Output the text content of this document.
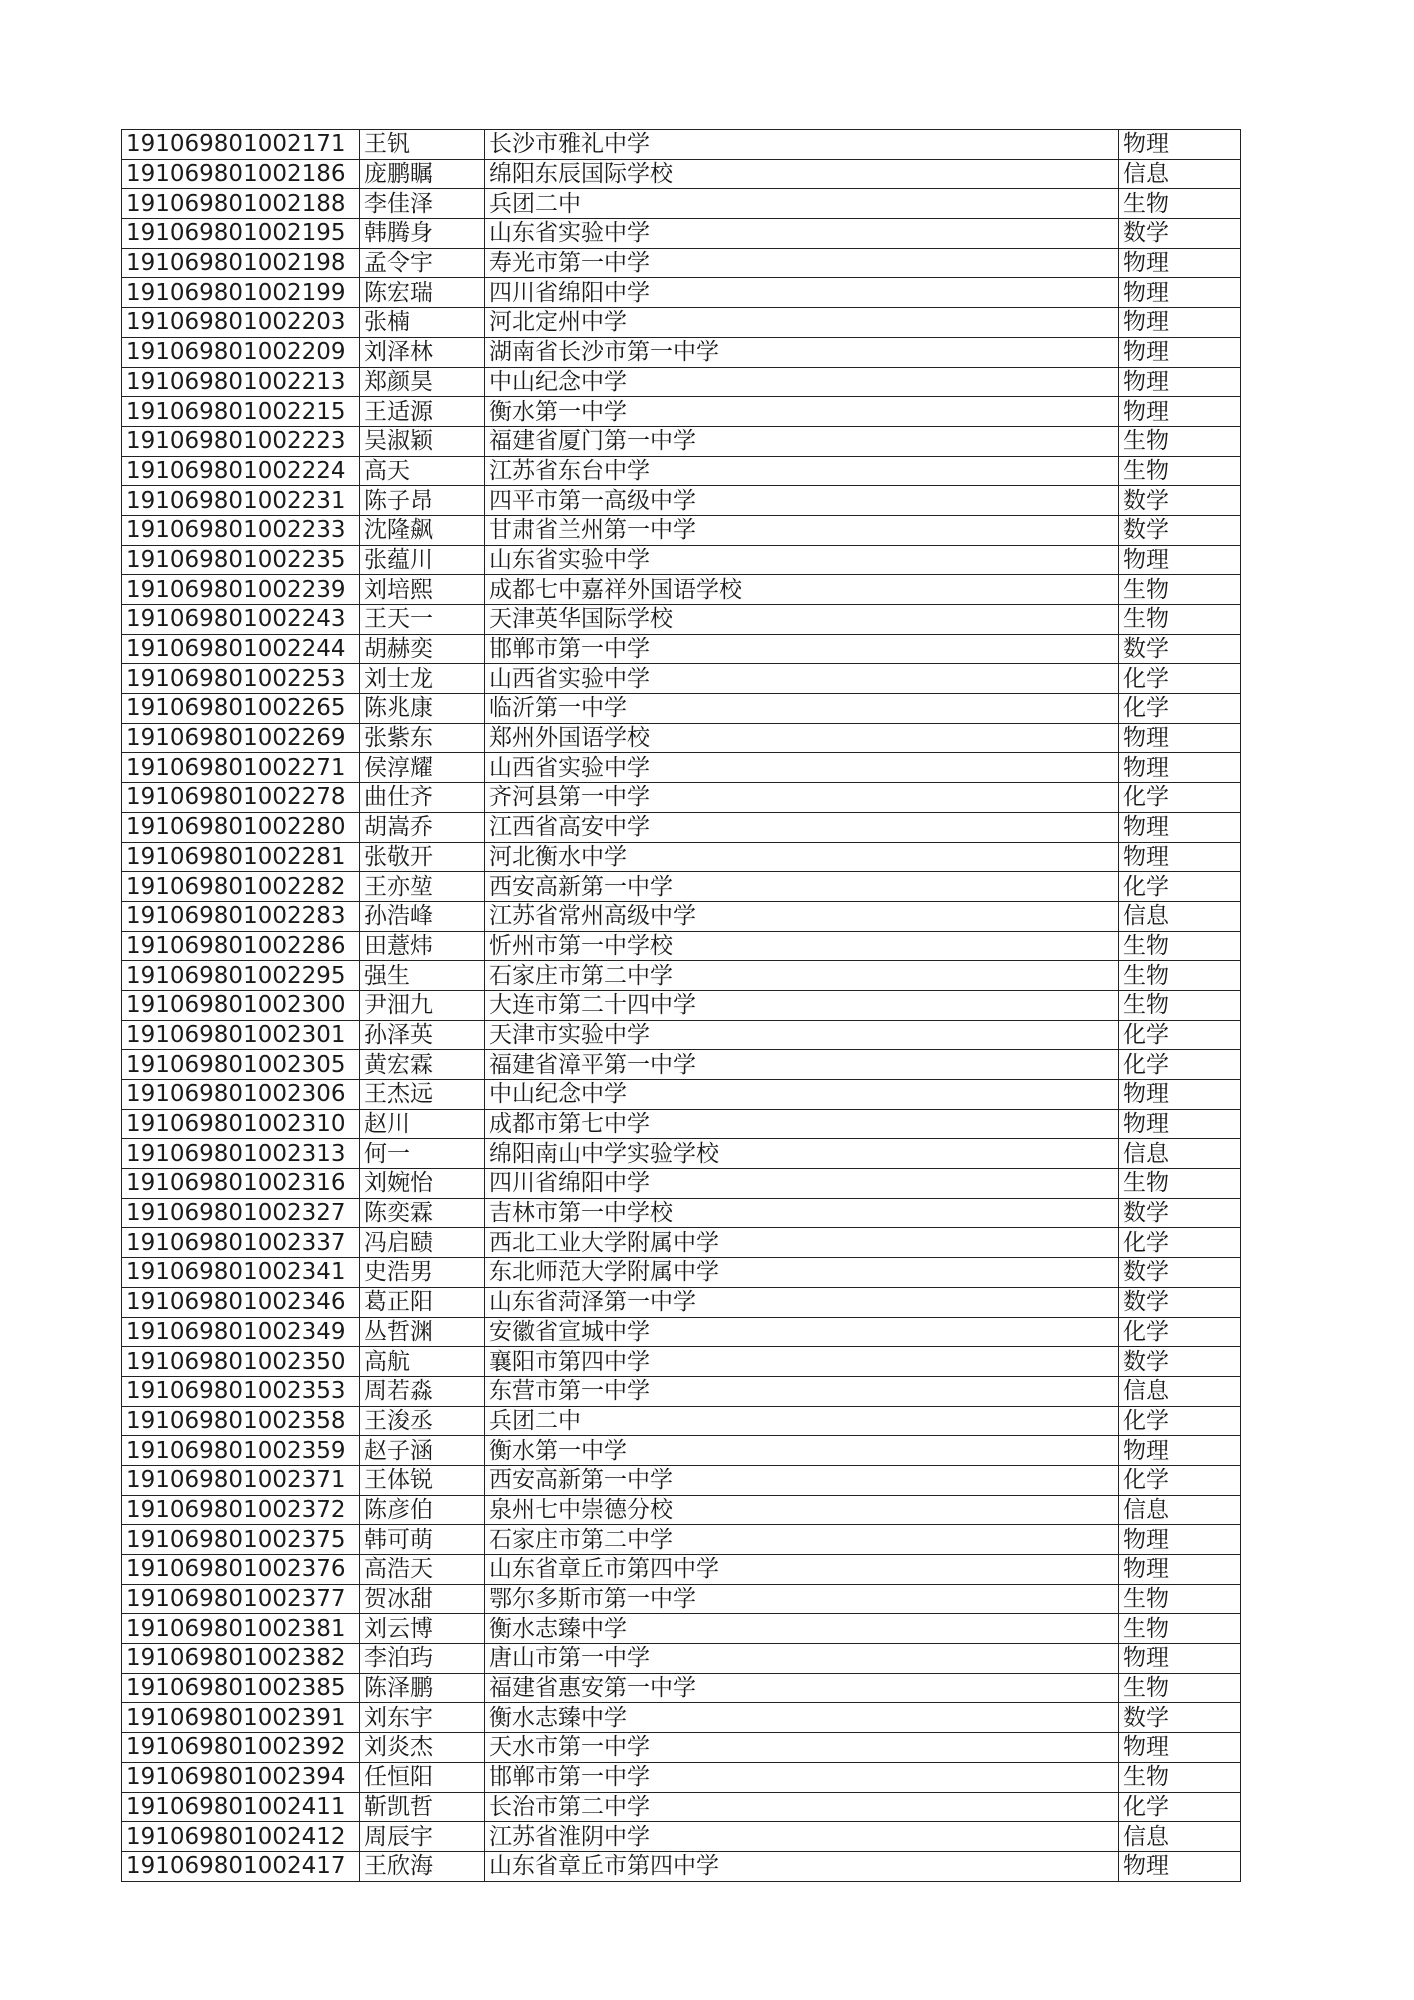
191069801002171	王钒	长沙市雅礼中学	物理
191069801002186	庞鹏瞩	绵阳东辰国际学校	信息
191069801002188	李佳泽	兵团二中	生物
191069801002195	韩腾身	山东省实验中学	数学
191069801002198	孟令宇	寿光市第一中学	物理
191069801002199	陈宏瑞	四川省绵阳中学	物理
191069801002203	张楠	河北定州中学	物理
191069801002209	刘泽林	湖南省长沙市第一中学	物理
191069801002213	郑颜昊	中山纪念中学	物理
191069801002215	王适源	衡水第一中学	物理
191069801002223	吴淑颖	福建省厦门第一中学	生物
191069801002224	高天	江苏省东台中学	生物
191069801002231	陈子昂	四平市第一高级中学	数学
191069801002233	沈隆飙	甘肃省兰州第一中学	数学
191069801002235	张蕴川	山东省实验中学	物理
191069801002239	刘培熙	成都七中嘉祥外国语学校	生物
191069801002243	王天一	天津英华国际学校	生物
191069801002244	胡赫奕	邯郸市第一中学	数学
191069801002253	刘士龙	山西省实验中学	化学
191069801002265	陈兆康	临沂第一中学	化学
191069801002269	张紫东	郑州外国语学校	物理
191069801002271	侯淳耀	山西省实验中学	物理
191069801002278	曲仕齐	齐河县第一中学	化学
191069801002280	胡嵩乔	江西省高安中学	物理
191069801002281	张敬开	河北衡水中学	物理
191069801002282	王亦堃	西安高新第一中学	化学
191069801002283	孙浩峰	江苏省常州高级中学	信息
191069801002286	田薏炜	忻州市第一中学校	生物
191069801002295	强生	石家庄市第二中学	生物
191069801002300	尹沺九	大连市第二十四中学	生物
191069801002301	孙泽英	天津市实验中学	化学
191069801002305	黄宏霖	福建省漳平第一中学	化学
191069801002306	王杰远	中山纪念中学	物理
191069801002310	赵川	成都市第七中学	物理
191069801002313	何一	绵阳南山中学实验学校	信息
191069801002316	刘婉怡	四川省绵阳中学	生物
191069801002327	陈奕霖	吉林市第一中学校	数学
191069801002337	冯启赜	西北工业大学附属中学	化学
191069801002341	史浩男	东北师范大学附属中学	数学
191069801002346	葛正阳	山东省菏泽第一中学	数学
191069801002349	丛哲渊	安徽省宣城中学	化学
191069801002350	高航	襄阳市第四中学	数学
191069801002353	周若淼	东营市第一中学	信息
191069801002358	王浚丞	兵团二中	化学
191069801002359	赵子涵	衡水第一中学	物理
191069801002371	王体锐	西安高新第一中学	化学
191069801002372	陈彦伯	泉州七中崇德分校	信息
191069801002375	韩可萌	石家庄市第二中学	物理
191069801002376	高浩天	山东省章丘市第四中学	物理
191069801002377	贺冰甜	鄂尔多斯市第一中学	生物
191069801002381	刘云博	衡水志臻中学	生物
191069801002382	李泊玙	唐山市第一中学	物理
191069801002385	陈泽鹏	福建省惠安第一中学	生物
191069801002391	刘东宇	衡水志臻中学	数学
191069801002392	刘炎杰	天水市第一中学	物理
191069801002394	任恒阳	邯郸市第一中学	生物
191069801002411	靳凯哲	长治市第二中学	化学
191069801002412	周辰宇	江苏省淮阴中学	信息
191069801002417	王欣海	山东省章丘市第四中学	物理
